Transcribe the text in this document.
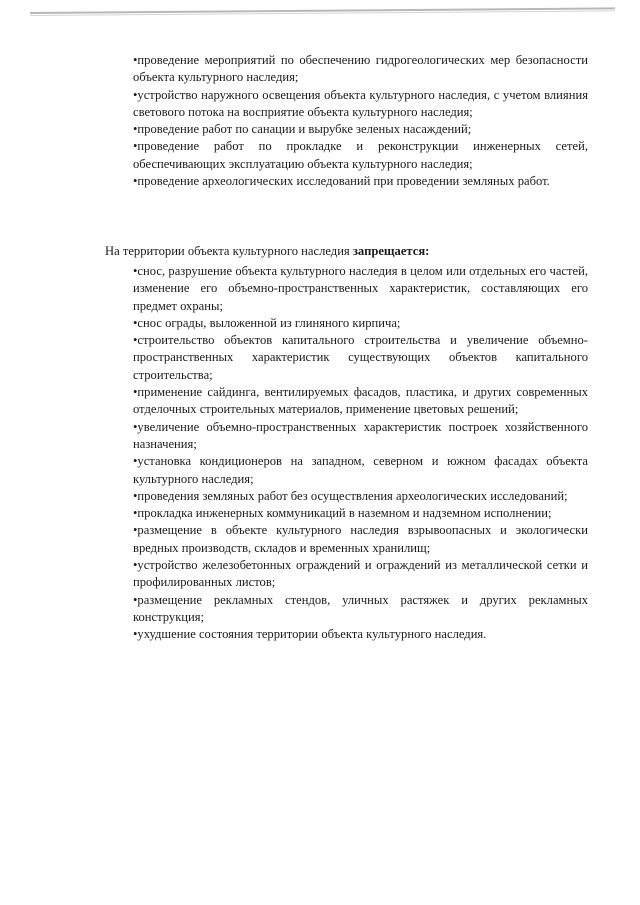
•проведение мероприятий по обеспечению гидрогеологических мер безопасности объекта культурного наследия;

•устройство наружного освещения объекта культурного наследия, с учетом влияния светового потока на восприятие объекта культурного наследия;

•проведение работ по санации и вырубке зеленых насаждений;

•проведение работ по прокладке и реконструкции инженерных сетей, обеспечивающих эксплуатацию объекта культурного наследия;

•проведение археологических исследований при проведении земляных работ.

На территории объекта культурного наследия запрещается:

•снос, разрушение объекта культурного наследия в целом или отдельных его частей, изменение его объемно-пространственных характеристик, составляющих его предмет охраны;

•снос ограды, выложенной из глиняного кирпича;

•строительство объектов капитального строительства и увеличение объемно-пространственных характеристик существующих объектов капитального строительства;

•применение сайдинга, вентилируемых фасадов, пластика, и других современных отделочных строительных материалов, применение цветовых решений;

•увеличение объемно-пространственных характеристик построек хозяйственного назначения;

•установка кондиционеров на западном, северном и южном фасадах объекта культурного наследия;

•проведения земляных работ без осуществления археологических исследований;

•прокладка инженерных коммуникаций в наземном и надземном исполнении;

•размещение в объекте культурного наследия взрывоопасных и экологически вредных производств, складов и временных хранилищ;

•устройство железобетонных ограждений и ограждений из металлической сетки и профилированных листов;

•размещение рекламных стендов, уличных растяжек и других рекламных конструкция;

•ухудшение состояния территории объекта культурного наследия.
